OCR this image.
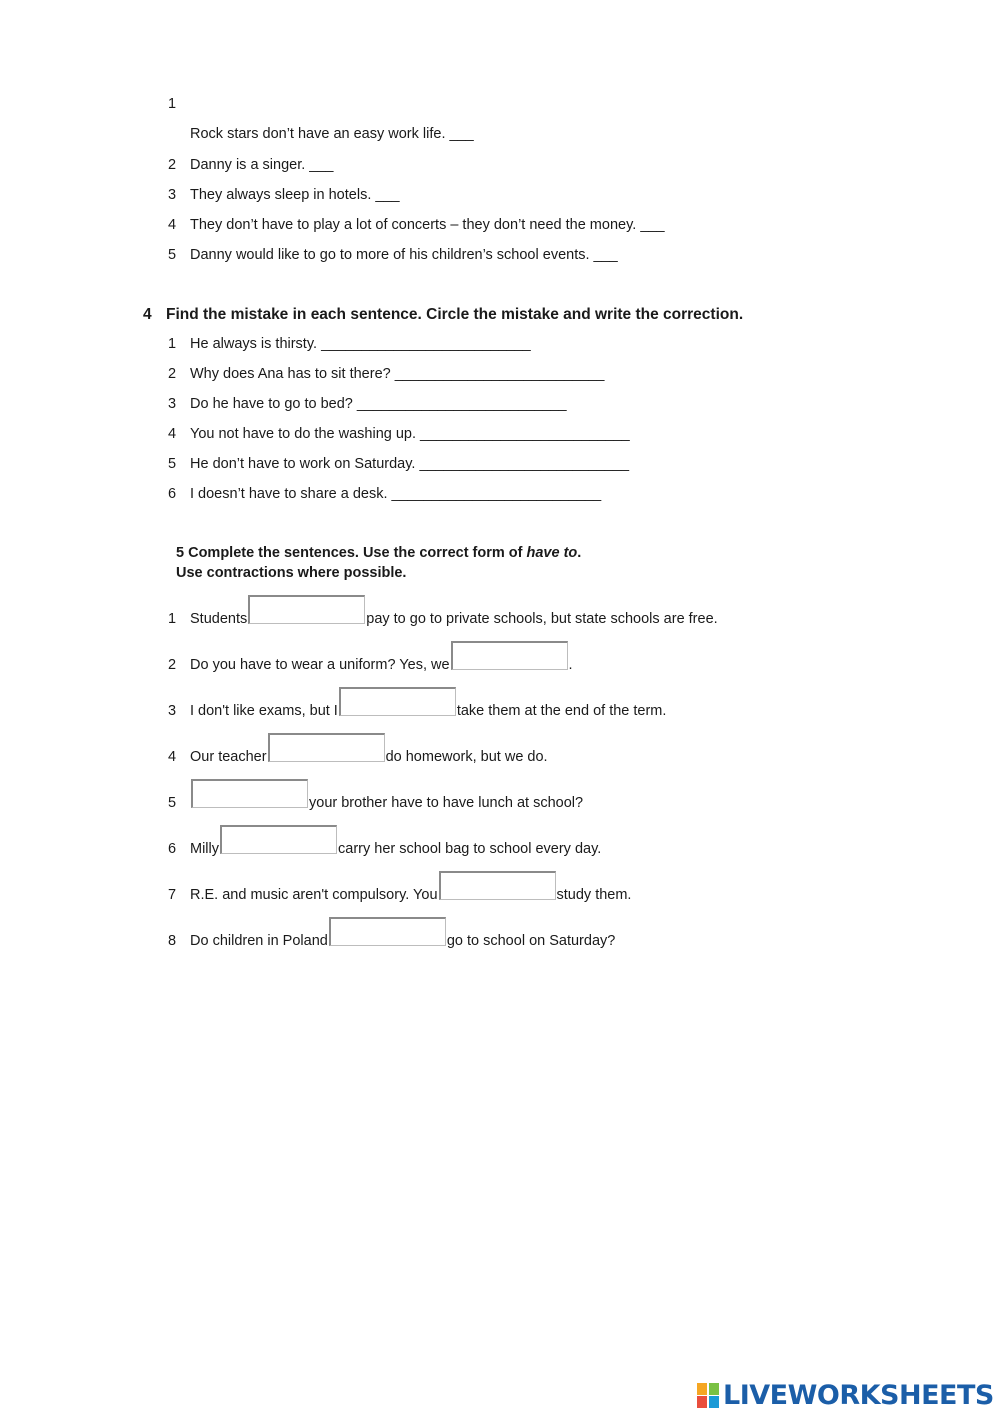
1
Rock stars don’t have an easy work life. ___
2 Danny is a singer. ___
3 They always sleep in hotels. ___
4 They don’t have to play a lot of concerts – they don’t need the money. ___
5 Danny would like to go to more of his children’s school events. ___
4 Find the mistake in each sentence. Circle the mistake and write the correction.
1 He always is thirsty. __________________________
2 Why does Ana has to sit there? __________________________
3 Do he have to go to bed? __________________________
4 You not have to do the washing up. __________________________
5 He don’t have to work on Saturday. __________________________
6 I doesn’t have to share a desk. __________________________
5 Complete the sentences. Use the correct form of have to.
Use contractions where possible.
1 Students	pay to go to private schools, but state schools are free.
2 Do you have to wear a uniform? Yes, we	.
3 I don't like exams, but I	take them at the end of the term.
4 Our teacher	do homework, but we do.
5	your brother have to have lunch at school?
6 Milly	carry her school bag to school every day.
7 R.E. and music aren't compulsory. You	study them.
8 Do children in Poland	go to school on Saturday?
LIVEWORKSHEETS
